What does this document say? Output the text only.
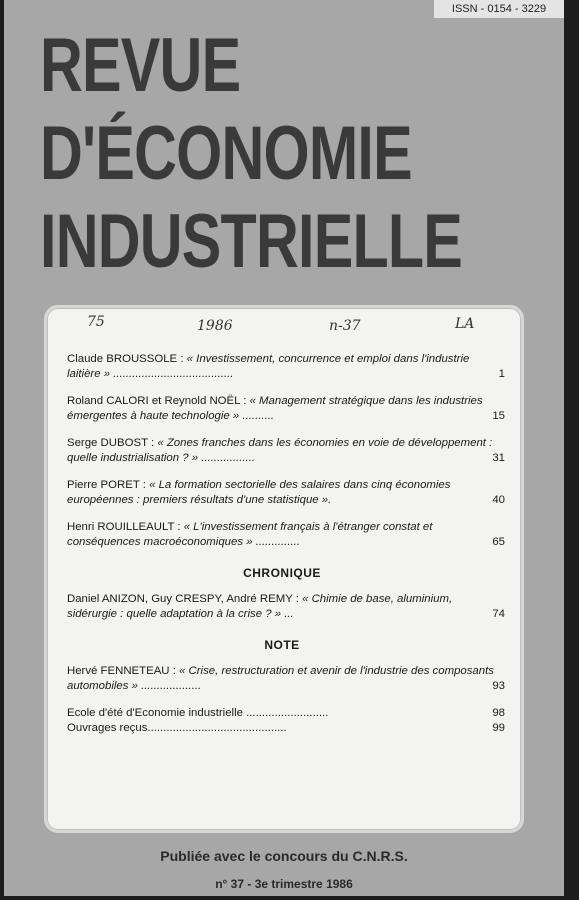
ISSN - 0154 - 3229
REVUE
D'ÉCONOMIE
INDUSTRIELLE
75	1986	n-37	LA
Claude BROUSSOLE : « Investissement, concurrence et emploi dans l'industrie laitière » ......................................	1
Roland CALORI et Reynold NOËL : « Management stratégique dans les industries émergentes à haute technologie » ..........	15
Serge DUBOST : « Zones franches dans les économies en voie de développement : quelle industrialisation ? » .................	31
Pierre PORET : « La formation sectorielle des salaires dans cinq économies européennes : premiers résultats d'une statistique ».	40
Henri ROUILLEAULT : « L'investissement français à l'étranger constat et conséquences macroéconomiques » ..............	65
CHRONIQUE
Daniel ANIZON, Guy CRESPY, André REMY : « Chimie de base, aluminium, sidérurgie : quelle adaptation à la crise ? » ...	74
NOTE
Hervé FENNETEAU : « Crise, restructuration et avenir de l'industrie des composants automobiles » ...................	93
Ecole d'été d'Economie industrielle ..........................	98
Ouvrages reçus............................................	99
Publiée avec le concours du C.N.R.S.
n° 37 - 3e trimestre 1986
